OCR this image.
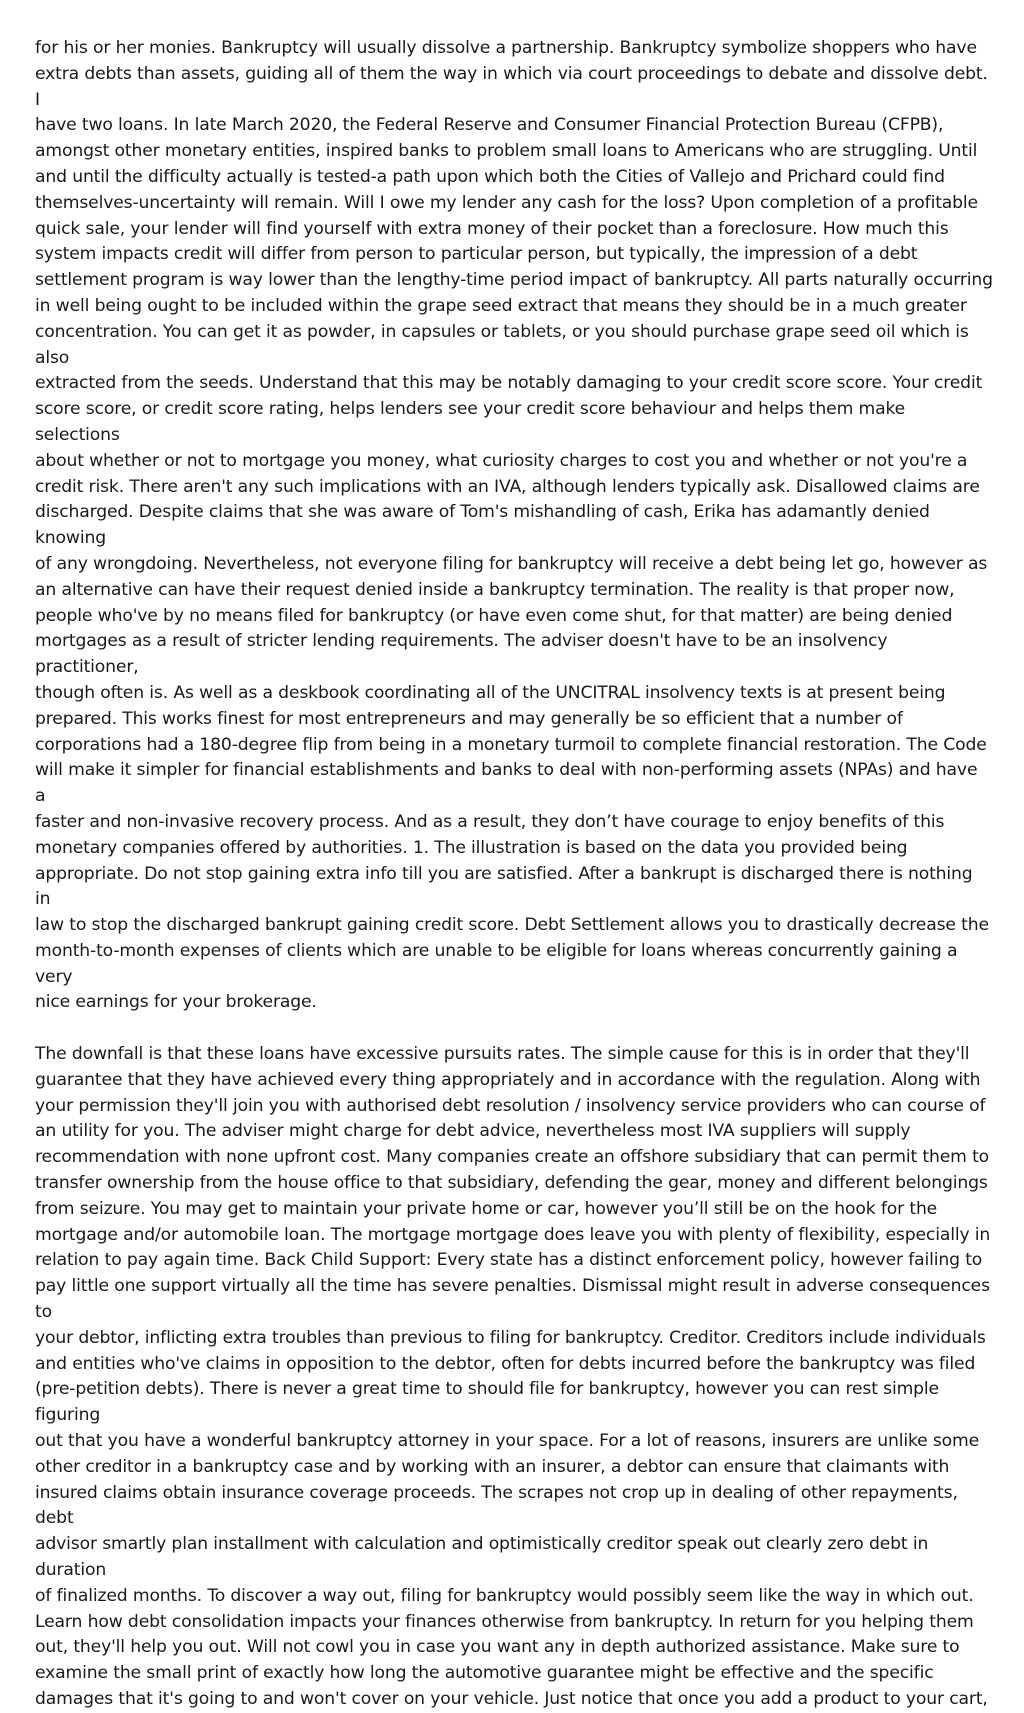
for his or her monies. Bankruptcy will usually dissolve a partnership. Bankruptcy symbolize shoppers who have
extra debts than assets, guiding all of them the way in which via court proceedings to debate and dissolve debt. I
have two loans. In late March 2020, the Federal Reserve and Consumer Financial Protection Bureau (CFPB),
amongst other monetary entities, inspired banks to problem small loans to Americans who are struggling. Until
and until the difficulty actually is tested-a path upon which both the Cities of Vallejo and Prichard could find
themselves-uncertainty will remain. Will I owe my lender any cash for the loss? Upon completion of a profitable
quick sale, your lender will find yourself with extra money of their pocket than a foreclosure. How much this
system impacts credit will differ from person to particular person, but typically, the impression of a debt
settlement program is way lower than the lengthy-time period impact of bankruptcy. All parts naturally occurring
in well being ought to be included within the grape seed extract that means they should be in a much greater
concentration. You can get it as powder, in capsules or tablets, or you should purchase grape seed oil which is also
extracted from the seeds. Understand that this may be notably damaging to your credit score score. Your credit
score score, or credit score rating, helps lenders see your credit score behaviour and helps them make selections
about whether or not to mortgage you money, what curiosity charges to cost you and whether or not you're a
credit risk. There aren't any such implications with an IVA, although lenders typically ask. Disallowed claims are
discharged. Despite claims that she was aware of Tom's mishandling of cash, Erika has adamantly denied knowing
of any wrongdoing. Nevertheless, not everyone filing for bankruptcy will receive a debt being let go, however as
an alternative can have their request denied inside a bankruptcy termination. The reality is that proper now,
people who've by no means filed for bankruptcy (or have even come shut, for that matter) are being denied
mortgages as a result of stricter lending requirements. The adviser doesn't have to be an insolvency practitioner,
though often is. As well as a deskbook coordinating all of the UNCITRAL insolvency texts is at present being
prepared. This works finest for most entrepreneurs and may generally be so efficient that a number of
corporations had a 180-degree flip from being in a monetary turmoil to complete financial restoration. The Code
will make it simpler for financial establishments and banks to deal with non-performing assets (NPAs) and have a
faster and non-invasive recovery process. And as a result, they don’t have courage to enjoy benefits of this
monetary companies offered by authorities. 1. The illustration is based on the data you provided being
appropriate. Do not stop gaining extra info till you are satisfied. After a bankrupt is discharged there is nothing in
law to stop the discharged bankrupt gaining credit score. Debt Settlement allows you to drastically decrease the
month-to-month expenses of clients which are unable to be eligible for loans whereas concurrently gaining a very
nice earnings for your brokerage.

The downfall is that these loans have excessive pursuits rates. The simple cause for this is in order that they'll
guarantee that they have achieved every thing appropriately and in accordance with the regulation. Along with
your permission they'll join you with authorised debt resolution / insolvency service providers who can course of
an utility for you. The adviser might charge for debt advice, nevertheless most IVA suppliers will supply
recommendation with none upfront cost. Many companies create an offshore subsidiary that can permit them to
transfer ownership from the house office to that subsidiary, defending the gear, money and different belongings
from seizure. You may get to maintain your private home or car, however you’ll still be on the hook for the
mortgage and/or automobile loan. The mortgage mortgage does leave you with plenty of flexibility, especially in
relation to pay again time. Back Child Support: Every state has a distinct enforcement policy, however failing to
pay little one support virtually all the time has severe penalties. Dismissal might result in adverse consequences to
your debtor, inflicting extra troubles than previous to filing for bankruptcy. Creditor. Creditors include individuals
and entities who've claims in opposition to the debtor, often for debts incurred before the bankruptcy was filed
(pre-petition debts). There is never a great time to should file for bankruptcy, however you can rest simple figuring
out that you have a wonderful bankruptcy attorney in your space. For a lot of reasons, insurers are unlike some
other creditor in a bankruptcy case and by working with an insurer, a debtor can ensure that claimants with
insured claims obtain insurance coverage proceeds. The scrapes not crop up in dealing of other repayments, debt
advisor smartly plan installment with calculation and optimistically creditor speak out clearly zero debt in duration
of finalized months. To discover a way out, filing for bankruptcy would possibly seem like the way in which out.
Learn how debt consolidation impacts your finances otherwise from bankruptcy. In return for you helping them
out, they'll help you out. Will not cowl you in case you want any in depth authorized assistance. Make sure to
examine the small print of exactly how long the automotive guarantee might be effective and the specific
damages that it's going to and won't cover on your vehicle. Just notice that once you add a product to your cart,
